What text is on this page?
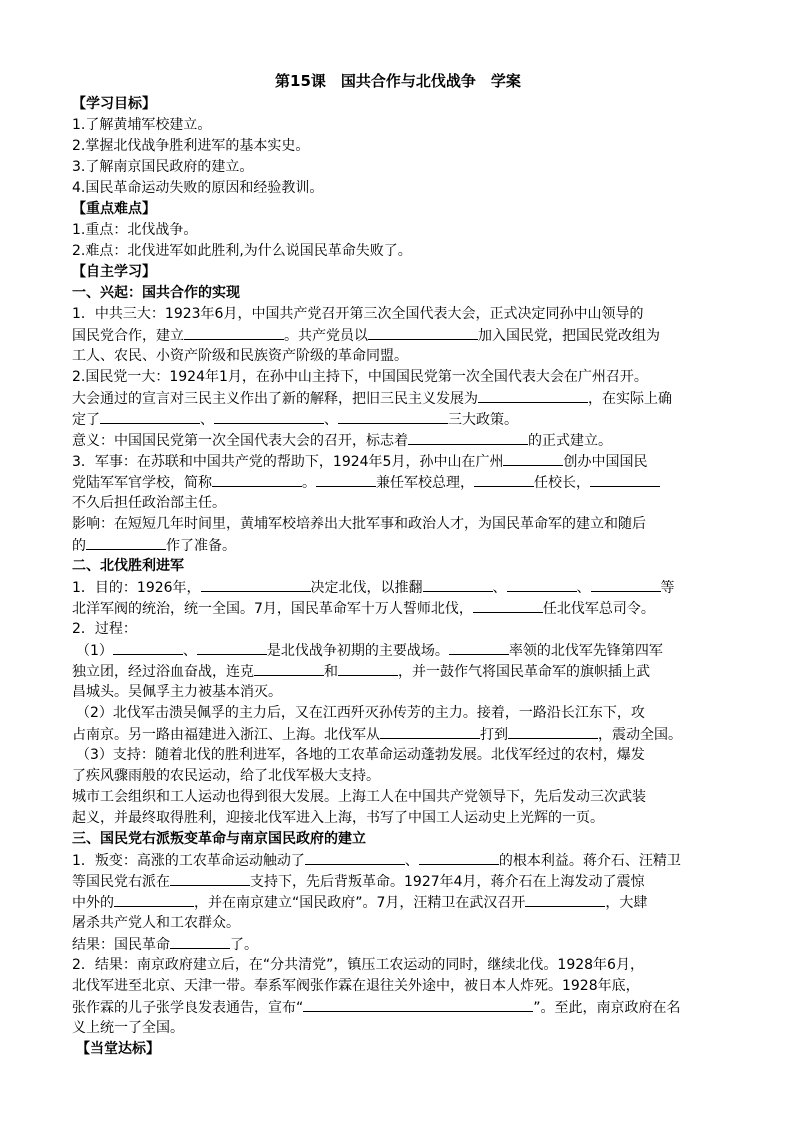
第15课　国共合作与北伐战争　学案
【学习目标】
1.了解黄埔军校建立。
2.掌握北伐战争胜利进军的基本实史。
3.了解南京国民政府的建立。
4.国民革命运动失败的原因和经验教训。
【重点难点】
1.重点：北伐战争。
2.难点：北伐进军如此胜利,为什么说国民革命失败了。
【自主学习】
一、兴起：国共合作的实现
1．中共三大：1923年6月，中国共产党召开第三次全国代表大会，正式决定同孙中山领导的
国民党合作，建立	。共产党员以	加入国民党，把国民党改组为
工人、农民、小资产阶级和民族资产阶级的革命同盟。
2.国民党一大：1924年1月，在孙中山主持下，中国国民党第一次全国代表大会在广州召开。
大会通过的宣言对三民主义作出了新的解释，把旧三民主义发展为	，在实际上确
定了	、	、	三大政策。
意义：中国国民党第一次全国代表大会的召开，标志着	的正式建立。
3．军事：在苏联和中国共产党的帮助下，1924年5月，孙中山在广州	创办中国国民
党陆军军官学校，简称	。	兼任军校总理，	任校长，
不久后担任政治部主任。
影响：在短短几年时间里，黄埔军校培养出大批军事和政治人才，为国民革命军的建立和随后
的	作了准备。
二、北伐胜利进军
1．目的：1926年，	决定北伐，以推翻	、	、	等
北洋军阀的统治，统一全国。7月，国民革命军十万人誓师北伐，	任北伐军总司令。
2．过程：
（1）	、	是北伐战争初期的主要战场。	率领的北伐军先锋第四军
独立团，经过浴血奋战，连克	和	，并一鼓作气将国民革命军的旗帜插上武
昌城头。吴佩孚主力被基本消灭。
（2）北伐军击溃吴佩孚的主力后，又在江西歼灭孙传芳的主力。接着，一路沿长江东下，攻
占南京。另一路由福建进入浙江、上海。北伐军从	打到	，震动全国。
（3）支持：随着北伐的胜利进军，各地的工农革命运动蓬勃发展。北伐军经过的农村，爆发
了疾风骤雨般的农民运动，给了北伐军极大支持。
城市工会组织和工人运动也得到很大发展。上海工人在中国共产党领导下，先后发动三次武装
起义，并最终取得胜利，迎接北伐军进入上海，书写了中国工人运动史上光辉的一页。
三、国民党右派叛变革命与南京国民政府的建立
1．叛变：高涨的工农革命运动触动了	、	的根本利益。蒋介石、汪精卫
等国民党右派在	支持下，先后背叛革命。1927年4月，蒋介石在上海发动了震惊
中外的	，并在南京建立“国民政府”。7月，汪精卫在武汉召开	，大肆
屠杀共产党人和工农群众。
结果：国民革命	了。
2．结果：南京政府建立后，在“分共清党”，镇压工农运动的同时，继续北伐。1928年6月，
北伐军进至北京、天津一带。奉系军阀张作霖在退往关外途中，被日本人炸死。1928年底，
张作霖的儿子张学良发表通告，宣布“	”。至此，南京政府在名
义上统一了全国。
【当堂达标】
